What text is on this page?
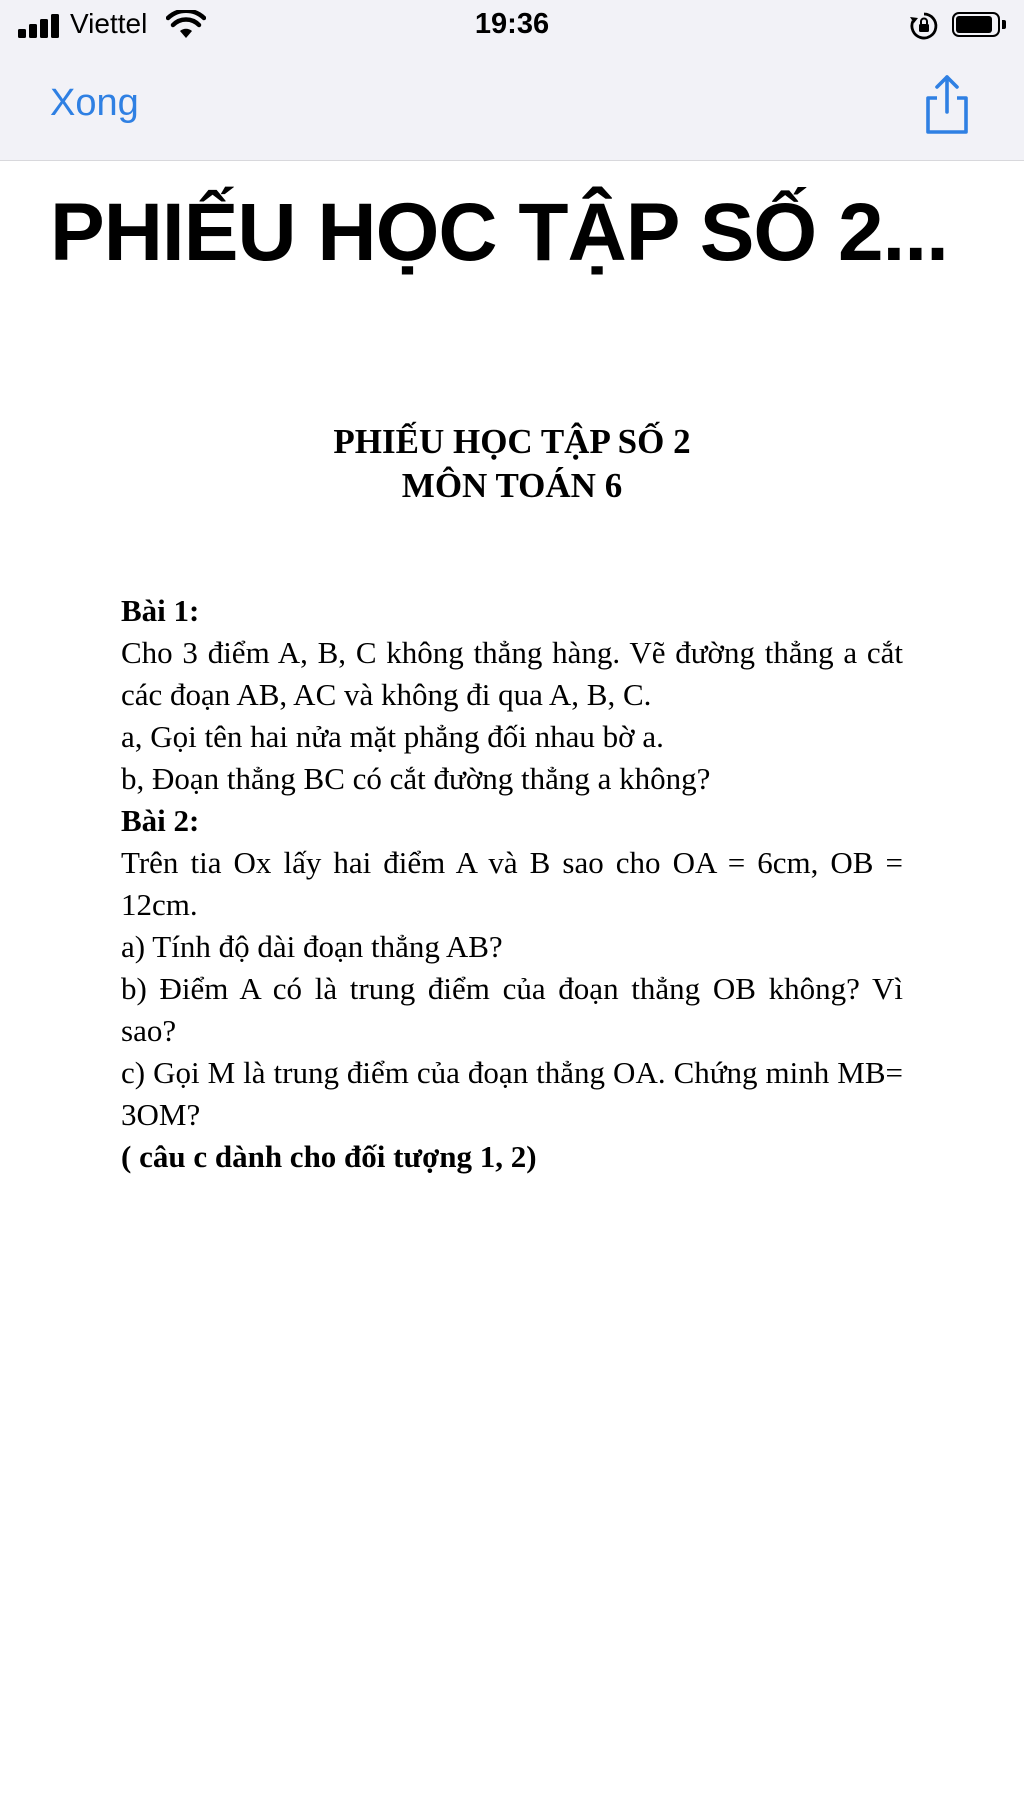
Viettel	19:36
Xong
PHIẾU HỌC TẬP SỐ 2...

PHIẾU HỌC TẬP SỐ 2

MÔN TOÁN 6

Bài 1:

Cho 3 điểm A, B, C không thẳng hàng. Vẽ đường thẳng a cắt các đoạn AB, AC và không đi qua A, B, C.

a, Gọi tên hai nửa mặt phẳng đối nhau bờ a.

b, Đoạn thẳng BC có cắt đường thẳng a không?

Bài 2:

Trên tia Ox lấy hai điểm A và B sao cho OA = 6cm, OB = 12cm.

a) Tính độ dài đoạn thẳng AB?

b) Điểm A có là trung điểm của đoạn thẳng OB không? Vì sao?

c) Gọi M là trung điểm của đoạn thẳng OA. Chứng minh MB= 3OM?

( câu c dành cho đối tượng 1, 2)
